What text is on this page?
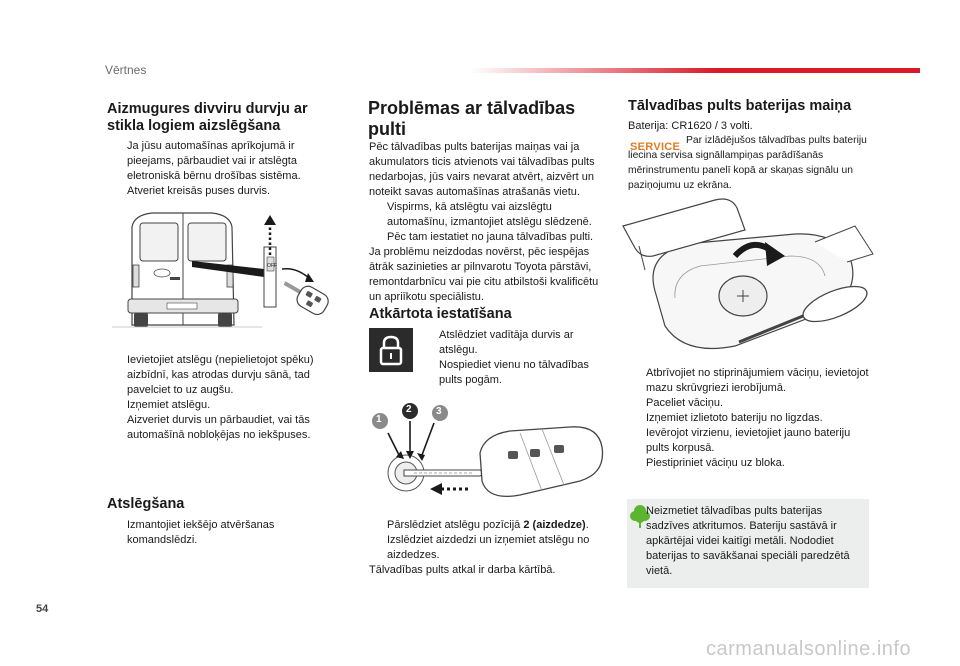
Vērtnes
54
Aizmugures divviru durvju ar stikla logiem aizslēgšana
Ja jūsu automašīnas aprīkojumā ir pieejams, pārbaudiet vai ir atslēgta eletroniskā bērnu drošības sistēma.
Atveriet kreisās puses durvis.
OFF
Ievietojiet atslēgu (nepielietojot spēku) aizbīdnī, kas atrodas durvju sānā, tad pavelciet to uz augšu.
Izņemiet atslēgu.
Aizveriet durvis un pārbaudiet, vai tās automašīnā nobloķējas no iekšpuses.
Atslēgšana
Izmantojiet iekšējo atvēršanas komandslēdzi.
Problēmas ar tālvadības pulti

Pēc tālvadības pults baterijas maiņas vai ja akumulators ticis atvienots vai tālvadības pults nedarbojas, jūs vairs nevarat atvērt, aizvērt un noteikt savas automašīnas atrašanās vietu.

Vispirms, kā atslēgtu vai aizslēgtu automašīnu, izmantojiet atslēgu slēdzenē.
Pēc tam iestatiet no jauna tālvadības pulti.

Ja problēmu neizdodas novērst, pēc iespējas ātrāk sazinieties ar pilnvarotu Toyota pārstāvi, remontdarbnīcu vai pie citu atbilstoši kvalificētu un apriīkotu speciālistu.

Atkārtota iestatīšana
Atslēdziet vadītāja durvis ar atslēgu.
Nospiediet vienu no tālvadības pults pogām.
1
2 3
Pārslēdziet atslēgu pozīcijā 2 (aizdedze).
Izslēdziet aizdedzi un izņemiet atslēgu no aizdedzes.

Tālvadības pults atkal ir darba kārtībā.

Tālvadības pults baterijas maiņa
Baterija: CR1620 / 3 volti.
SERVICE
Par izlādējušos tālvadības pults bateriju liecina servisa signāllampiņas parādīšanās mērinstrumentu panelī kopā ar skaņas signālu un paziņojumu uz ekrāna.
Atbrīvojiet no stiprinājumiem vāciņu, ievietojot mazu skrūvgriezi ierobījumā.
Paceliet vāciņu.
Izņemiet izlietoto bateriju no ligzdas.
Ievērojot virzienu, ievietojiet jauno bateriju pults korpusā.
Piestipriniet vāciņu uz bloka.
Neizmetiet tālvadības pults baterijas sadzīves atkritumos. Bateriju sastāvā ir apkārtējai videi kaitīgi metāli. Nododiet baterijas to savākšanai speciāli paredzētā vietā.
carmanualsonline.info
